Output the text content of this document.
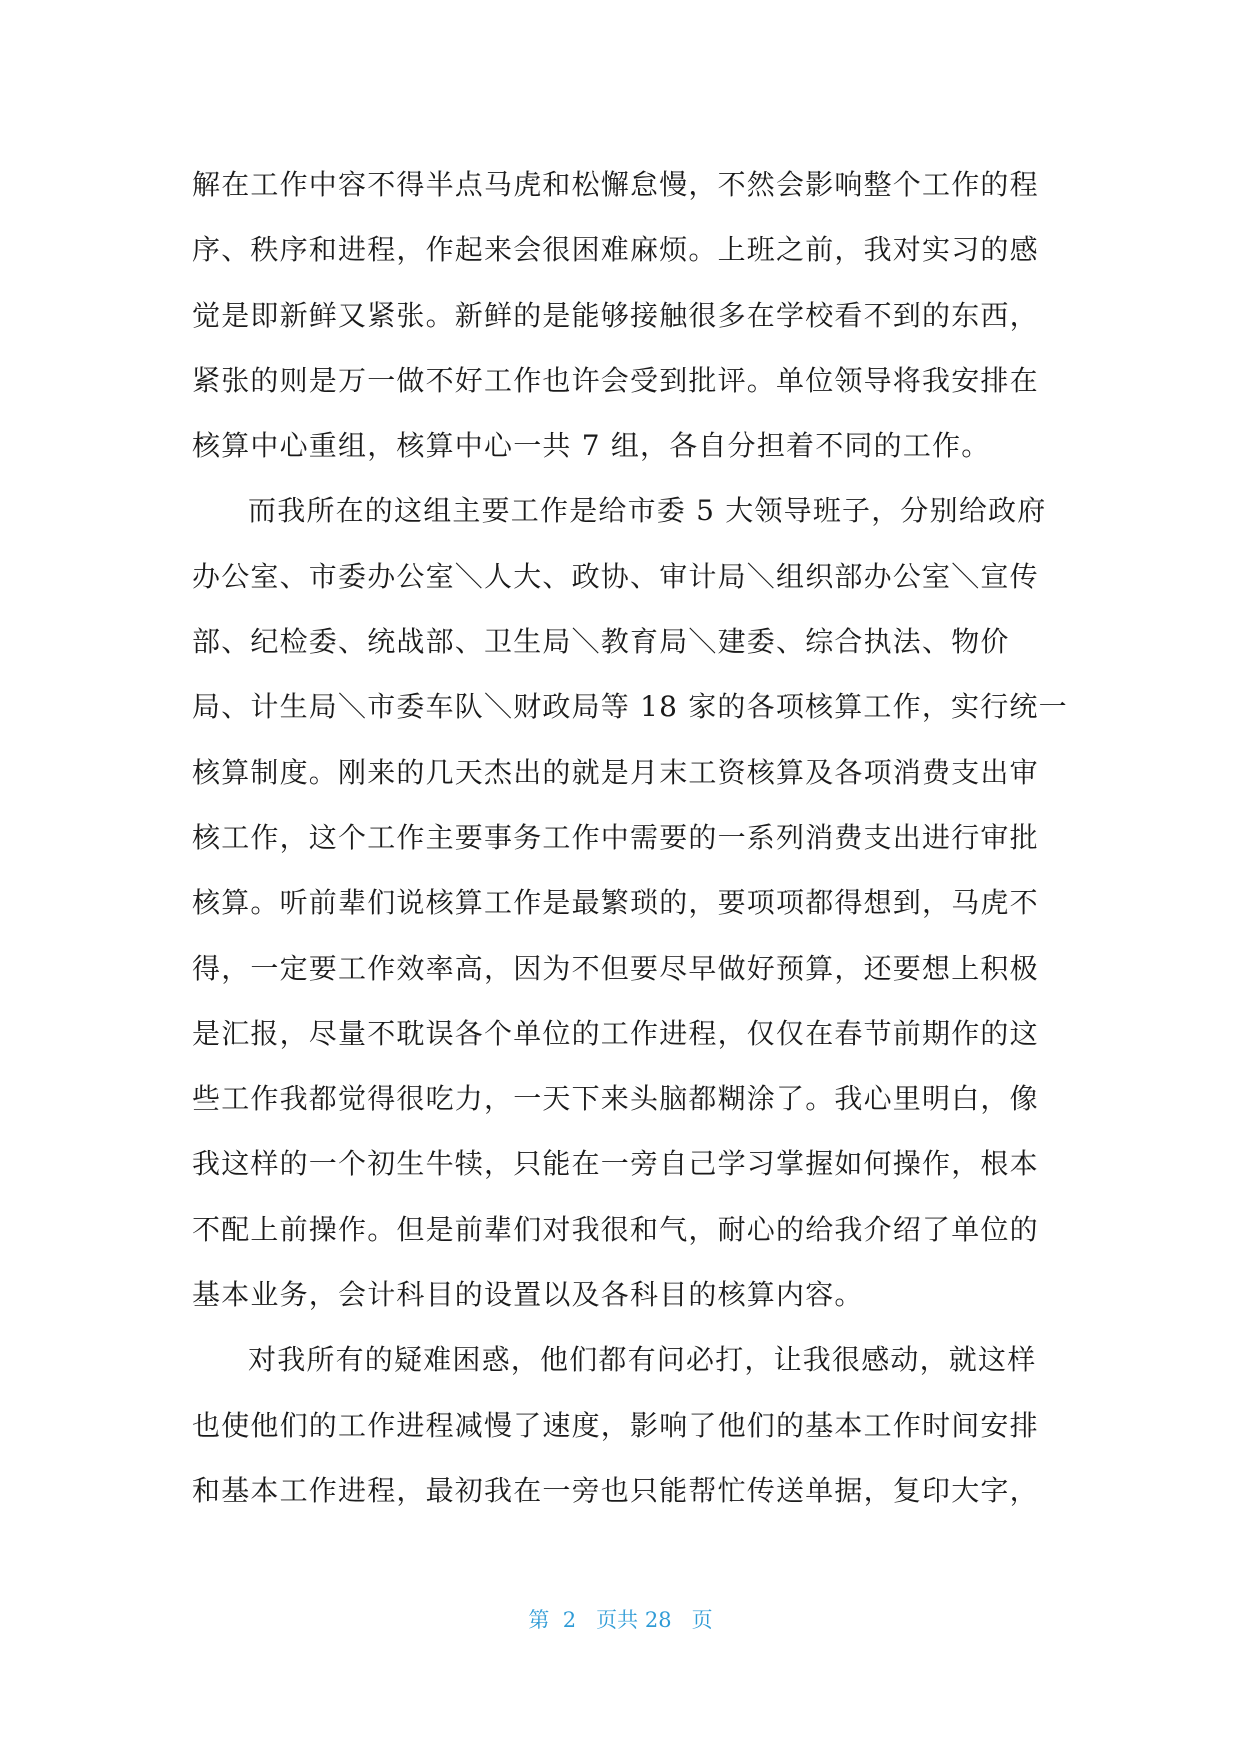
解在工作中容不得半点马虎和松懈怠慢，不然会影响整个工作的程
序、秩序和进程，作起来会很困难麻烦。上班之前，我对实习的感
觉是即新鲜又紧张。新鲜的是能够接触很多在学校看不到的东西，
紧张的则是万一做不好工作也许会受到批评。单位领导将我安排在
核算中心重组，核算中心一共 7 组，各自分担着不同的工作。
而我所在的这组主要工作是给市委 5 大领导班子，分别给政府
办公室、市委办公室＼人大、政协、审计局＼组织部办公室＼宣传
部、纪检委、统战部、卫生局＼教育局＼建委、综合执法、物价
局、计生局＼市委车队＼财政局等 18 家的各项核算工作，实行统一
核算制度。刚来的几天杰出的就是月末工资核算及各项消费支出审
核工作，这个工作主要事务工作中需要的一系列消费支出进行审批
核算。听前辈们说核算工作是最繁琐的，要项项都得想到，马虎不
得，一定要工作效率高，因为不但要尽早做好预算，还要想上积极
是汇报，尽量不耽误各个单位的工作进程，仅仅在春节前期作的这
些工作我都觉得很吃力，一天下来头脑都糊涂了。我心里明白，像
我这样的一个初生牛犊，只能在一旁自己学习掌握如何操作，根本
不配上前操作。但是前辈们对我很和气，耐心的给我介绍了单位的
基本业务，会计科目的设置以及各科目的核算内容。
对我所有的疑难困惑，他们都有问必打，让我很感动，就这样
也使他们的工作进程减慢了速度，影响了他们的基本工作时间安排
和基本工作进程，最初我在一旁也只能帮忙传送单据，复印大字，
第 2 页共 28 页
